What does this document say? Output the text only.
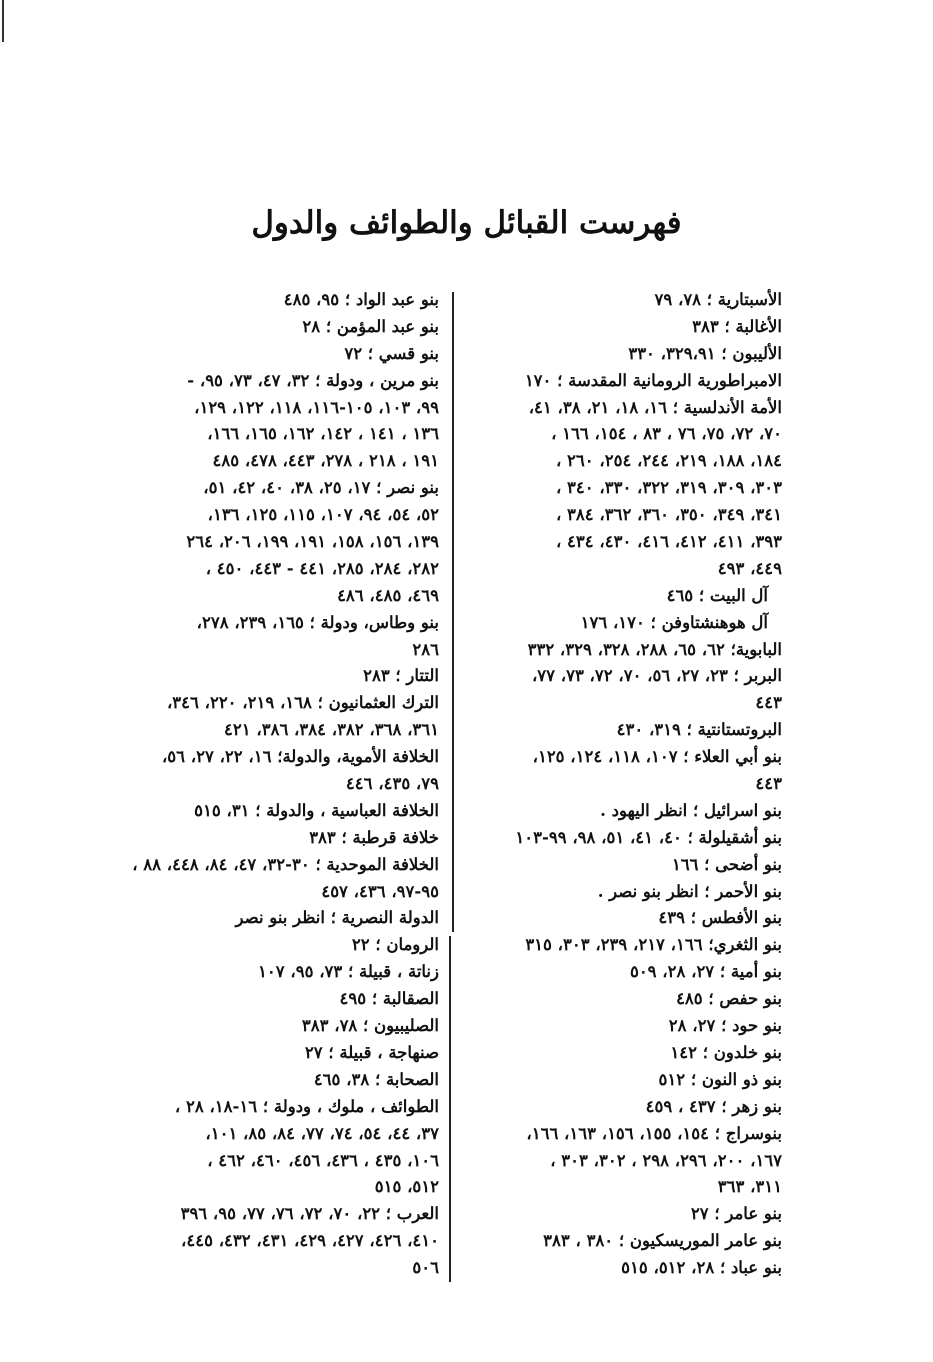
فهرست القبائل والطوائف والدول
الأسبتارية ؛ ٧٨، ٧٩
الأغالبة ؛ ٣٨٣
الأليبون ؛ ٣٢٩،٩١، ٣٣٠
الامبراطورية الرومانية المقدسة ؛ ١٧٠
الأمة الأندلسية ؛ ١٦، ١٨، ٢١، ٣٨، ٤١،
٧٠، ٧٢، ٧٥، ٧٦ ، ٨٣ ، ١٥٤، ١٦٦ ،
١٨٤، ١٨٨، ٢١٩، ٢٤٤، ٢٥٤، ٢٦٠ ،
٣٠٣، ٣٠٩، ٣١٩، ٣٢٢، ٣٣٠، ٣٤٠ ،
٣٤١، ٣٤٩، ٣٥٠، ٣٦٠، ٣٦٢، ٣٨٤ ،
٣٩٣، ٤١١، ٤١٢، ٤١٦، ٤٣٠، ٤٣٤ ،
٤٤٩، ٤٩٣
آل البيت ؛ ٤٦٥
آل هوهنشتاوفن ؛ ١٧٠، ١٧٦
البابوية؛ ٦٢، ٦٥، ٢٨٨، ٣٢٨، ٣٢٩، ٣٣٢
البربر ؛ ٢٣، ٢٧، ٥٦، ٧٠، ٧٢، ٧٣، ٧٧،
٤٤٣
البروتستانتية ؛ ٣١٩، ٤٣٠
بنو أبي العلاء ؛ ١٠٧، ١١٨، ١٢٤، ١٢٥،
٤٤٣
بنو اسرائيل ؛ انظر اليهود .
بنو أشقيلولة ؛ ٤٠، ٤١، ٥١، ٩٨، ٩٩-١٠٣
بنو أضحى ؛ ١٦٦
بنو الأحمر ؛ انظر بنو نصر .
بنو الأفطس ؛ ٤٣٩
بنو الثغري؛ ١٦٦، ٢١٧، ٢٣٩، ٣٠٣، ٣١٥
بنو أمية ؛ ٢٧، ٢٨، ٥٠٩
بنو حفص ؛ ٤٨٥
بنو حود ؛ ٢٧، ٢٨
بنو خلدون ؛ ١٤٢
بنو ذو النون ؛ ٥١٢
بنو زهر ؛ ٤٣٧ ، ٤٥٩
بنوسراج ؛ ١٥٤، ١٥٥، ١٥٦، ١٦٣، ١٦٦،
١٦٧، ٢٠٠، ٢٩٦، ٢٩٨ ، ٣٠٢، ٣٠٣ ،
٣١١، ٣٦٣
بنو عامر ؛ ٢٧
بنو عامر الموريسكيون ؛ ٣٨٠ ، ٣٨٣
بنو عباد ؛ ٢٨، ٥١٢، ٥١٥
بنو عبد الواد ؛ ٩٥، ٤٨٥
بنو عبد المؤمن ؛ ٢٨
بنو قسي ؛ ٧٢
بنو مرين ، ودولة ؛ ٣٢، ٤٧، ٧٣، ٩٥، -
٩٩، ١٠٣، ١٠٥-١١٦، ١١٨، ١٢٢، ١٢٩،
١٣٦ ، ١٤١ ، ١٤٢، ١٦٢، ١٦٥، ١٦٦،
١٩١ ، ٢١٨ ، ٢٧٨، ٤٤٣، ٤٧٨، ٤٨٥
بنو نصر ؛ ١٧، ٢٥، ٣٨، ٤٠، ٤٢، ٥١،
٥٢، ٥٤، ٩٤، ١٠٧، ١١٥، ١٢٥، ١٣٦،
١٣٩، ١٥٦، ١٥٨، ١٩١، ١٩٩، ٢٠٦، ٢٦٤
٢٨٢، ٢٨٤، ٢٨٥، ٤٤١ - ٤٤٣، ٤٥٠ ،
٤٦٩، ٤٨٥، ٤٨٦
بنو وطاس، ودولة ؛ ١٦٥، ٢٣٩، ٢٧٨،
٢٨٦
التتار ؛ ٢٨٣
الترك العثمانيون ؛ ١٦٨، ٢١٩، ٢٢٠، ٣٤٦،
٣٦١، ٣٦٨، ٣٨٢، ٣٨٤، ٣٨٦، ٤٢١
الخلافة الأموية، والدولة؛ ١٦، ٢٢، ٢٧، ٥٦،
٧٩، ٤٣٥، ٤٤٦
الخلافة العباسية ، والدولة ؛ ٣١، ٥١٥
خلافة قرطبة ؛ ٣٨٣
الخلافة الموحدية ؛ ٣٠-٣٢، ٤٧، ٨٤، ٤٤٨، ٨٨ ،
٩٥-٩٧، ٤٣٦، ٤٥٧
الدولة النصرية ؛ انظر بنو نصر
الرومان ؛ ٢٢
زناتة ، قبيلة ؛ ٧٣، ٩٥، ١٠٧
الصقالبة ؛ ٤٩٥
الصليبيون ؛ ٧٨، ٣٨٣
صنهاجة ، قبيلة ؛ ٢٧
الصحابة ؛ ٣٨، ٤٦٥
الطوائف ، ملوك ، ودولة ؛ ١٦-١٨، ٢٨ ،
٣٧، ٤٤، ٥٤، ٧٤، ٧٧، ٨٤، ٨٥، ١٠١،
١٠٦، ٤٣٥ ، ٤٣٦، ٤٥٦، ٤٦٠، ٤٦٢ ،
٥١٢، ٥١٥
العرب ؛ ٢٢، ٧٠، ٧٢، ٧٦، ٧٧، ٩٥، ٣٩٦
٤١٠، ٤٢٦، ٤٢٧، ٤٢٩، ٤٣١، ٤٣٢، ٤٤٥،
٥٠٦
